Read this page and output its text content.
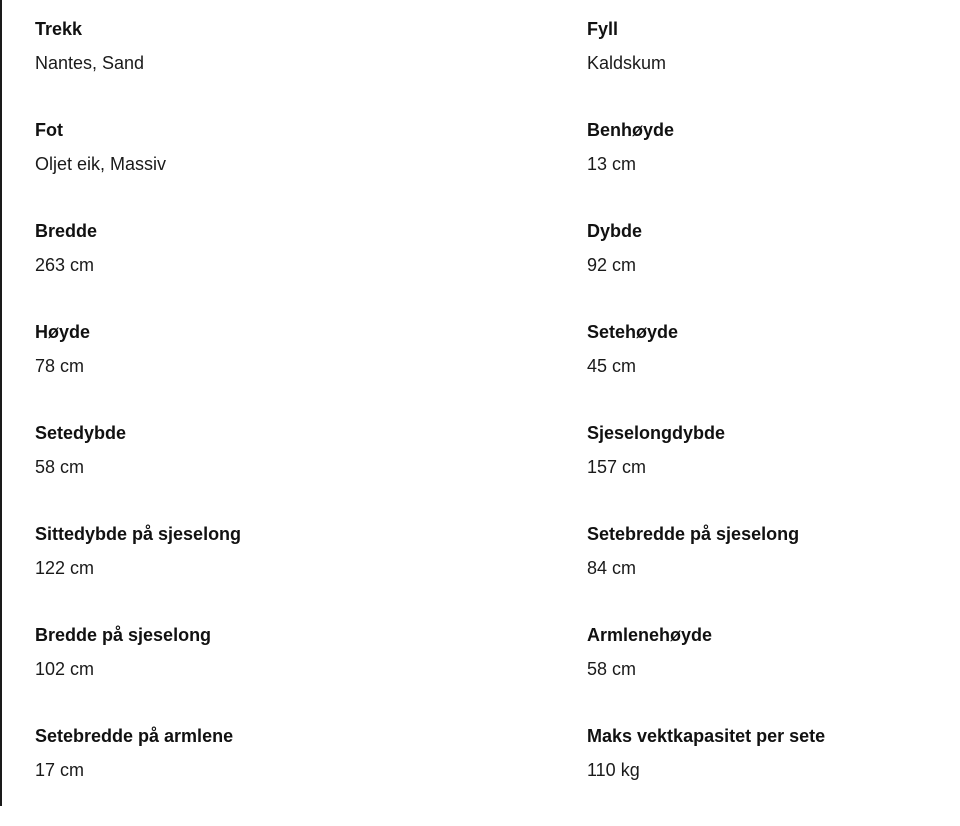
Trekk
Nantes, Sand
Fyll
Kaldskum
Fot
Oljet eik, Massiv
Benhøyde
13 cm
Bredde
263 cm
Dybde
92 cm
Høyde
78 cm
Setehøyde
45 cm
Setedybde
58 cm
Sjeselongdybde
157 cm
Sittedybde på sjeselong
122 cm
Setebredde på sjeselong
84 cm
Bredde på sjeselong
102 cm
Armlenehøyde
58 cm
Setebredde på armlene
17 cm
Maks vektkapasitet per sete
110 kg
